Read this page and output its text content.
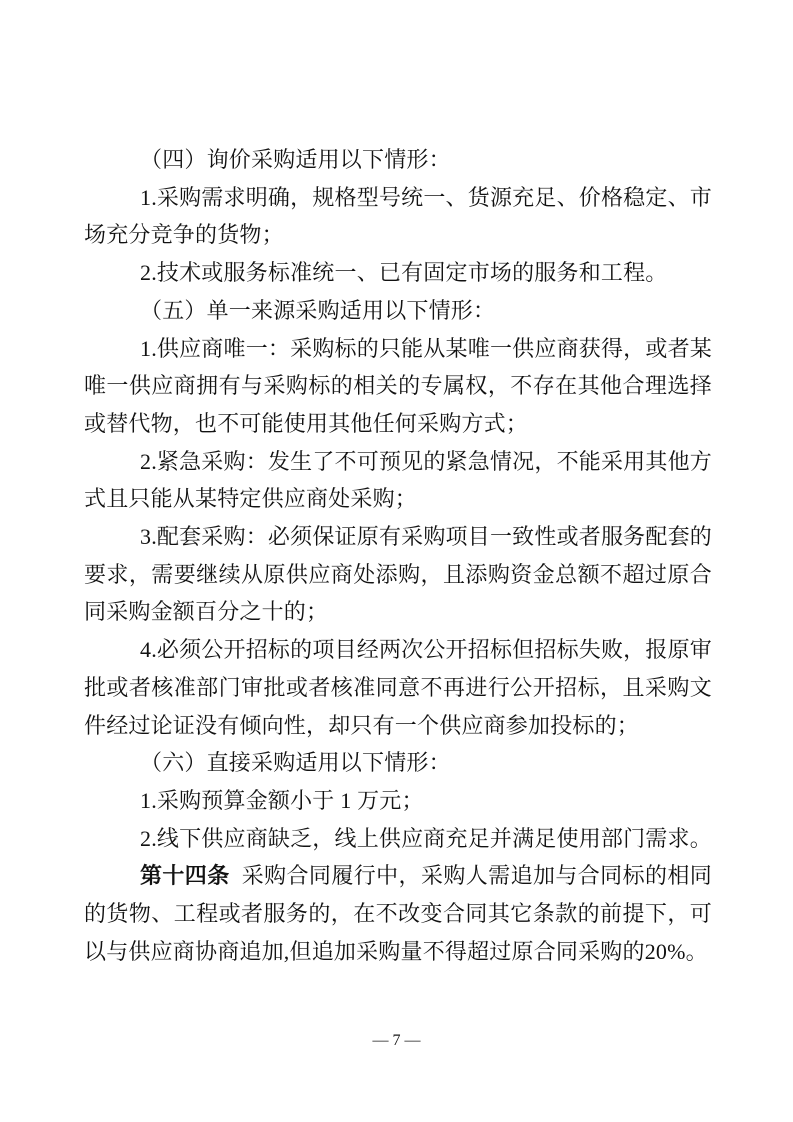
（四）询价采购适用以下情形：

1.采购需求明确，规格型号统一、货源充足、价格稳定、市场充分竞争的货物；

2.技术或服务标准统一、已有固定市场的服务和工程。

（五）单一来源采购适用以下情形：

1.供应商唯一：采购标的只能从某唯一供应商获得，或者某唯一供应商拥有与采购标的相关的专属权，不存在其他合理选择或替代物，也不可能使用其他任何采购方式；

2.紧急采购：发生了不可预见的紧急情况，不能采用其他方式且只能从某特定供应商处采购；

3.配套采购：必须保证原有采购项目一致性或者服务配套的要求，需要继续从原供应商处添购，且添购资金总额不超过原合同采购金额百分之十的；

4.必须公开招标的项目经两次公开招标但招标失败，报原审批或者核准部门审批或者核准同意不再进行公开招标，且采购文件经过论证没有倾向性，却只有一个供应商参加投标的；

（六）直接采购适用以下情形：

1.采购预算金额小于 1 万元；

2.线下供应商缺乏，线上供应商充足并满足使用部门需求。

第十四条 采购合同履行中，采购人需追加与合同标的相同的货物、工程或者服务的，在不改变合同其它条款的前提下，可以与供应商协商追加,但追加采购量不得超过原合同采购的20%。

— 7 —
